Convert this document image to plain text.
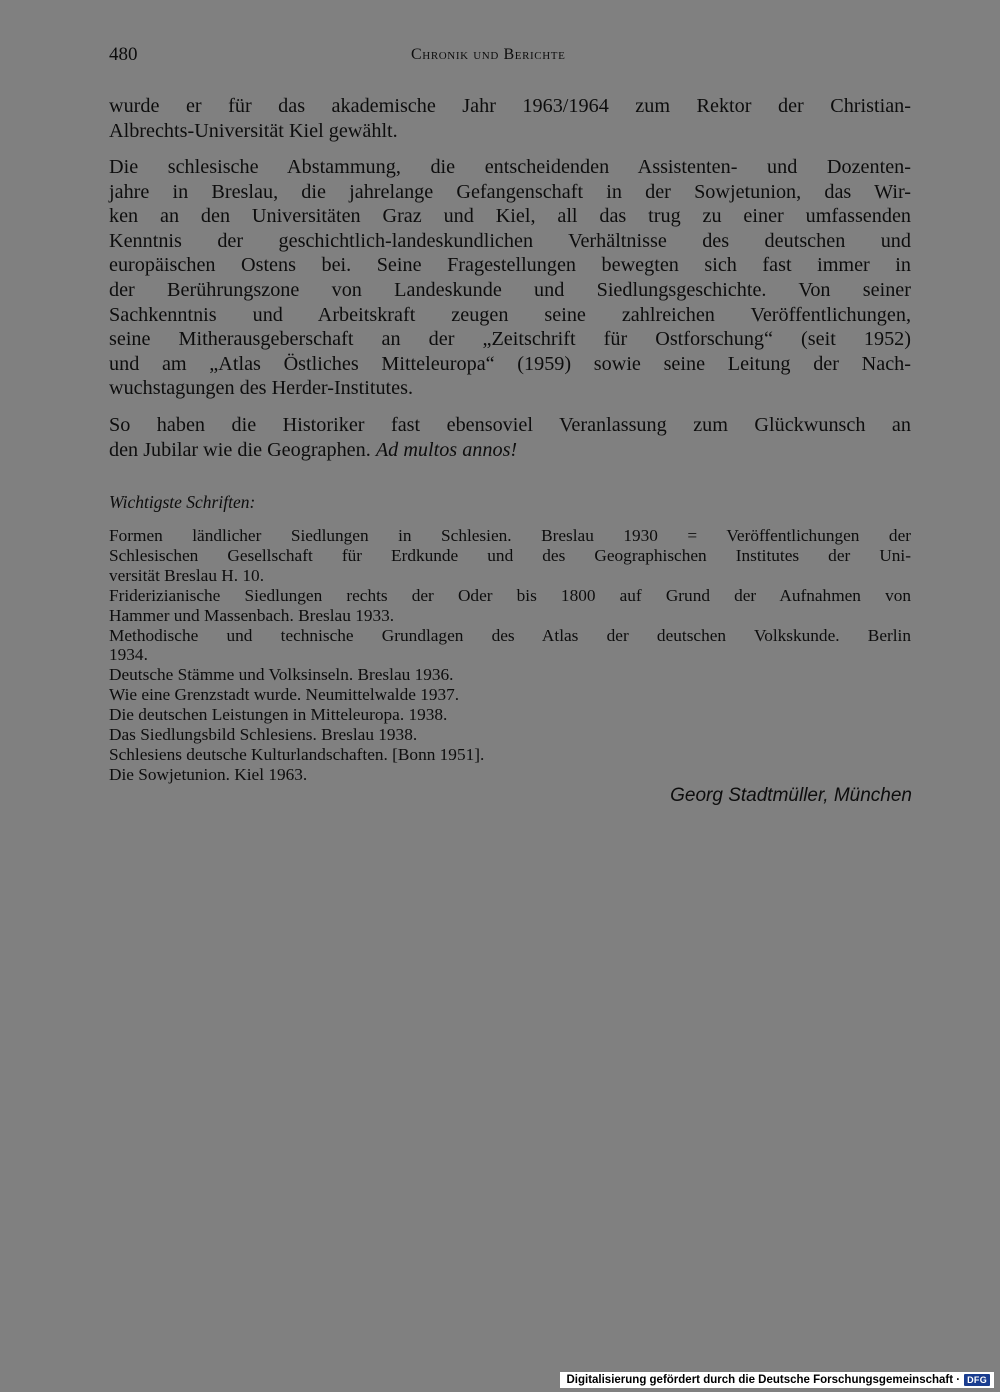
480	Chronik und Berichte
wurde er für das akademische Jahr 1963/1964 zum Rektor der Christian-
Albrechts-Universität Kiel gewählt.
Die schlesische Abstammung, die entscheidenden Assistenten- und Dozenten-
jahre in Breslau, die jahrelange Gefangenschaft in der Sowjetunion, das Wir-
ken an den Universitäten Graz und Kiel, all das trug zu einer umfassenden
Kenntnis der geschichtlich-landeskundlichen Verhältnisse des deutschen und
europäischen Ostens bei. Seine Fragestellungen bewegten sich fast immer in
der Berührungszone von Landeskunde und Siedlungsgeschichte. Von seiner
Sachkenntnis und Arbeitskraft zeugen seine zahlreichen Veröffentlichungen,
seine Mitherausgeberschaft an der „Zeitschrift für Ostforschung“ (seit 1952)
und am „Atlas Östliches Mitteleuropa“ (1959) sowie seine Leitung der Nach-
wuchstagungen des Herder-Institutes.
So haben die Historiker fast ebensoviel Veranlassung zum Glückwunsch an
den Jubilar wie die Geographen. Ad multos annos!
Wichtigste Schriften:
Formen ländlicher Siedlungen in Schlesien. Breslau 1930 = Veröffentlichungen der
Schlesischen Gesellschaft für Erdkunde und des Geographischen Institutes der Uni-
versität Breslau H. 10.
Friderizianische Siedlungen rechts der Oder bis 1800 auf Grund der Aufnahmen von
Hammer und Massenbach. Breslau 1933.
Methodische und technische Grundlagen des Atlas der deutschen Volkskunde. Berlin
1934.
Deutsche Stämme und Volksinseln. Breslau 1936.
Wie eine Grenzstadt wurde. Neumittelwalde 1937.
Die deutschen Leistungen in Mitteleuropa. 1938.
Das Siedlungsbild Schlesiens. Breslau 1938.
Schlesiens deutsche Kulturlandschaften. [Bonn 1951].
Die Sowjetunion. Kiel 1963.
Georg Stadtmüller, München
Digitalisierung gefördert durch die Deutsche Forschungsgemeinschaft · DFG
